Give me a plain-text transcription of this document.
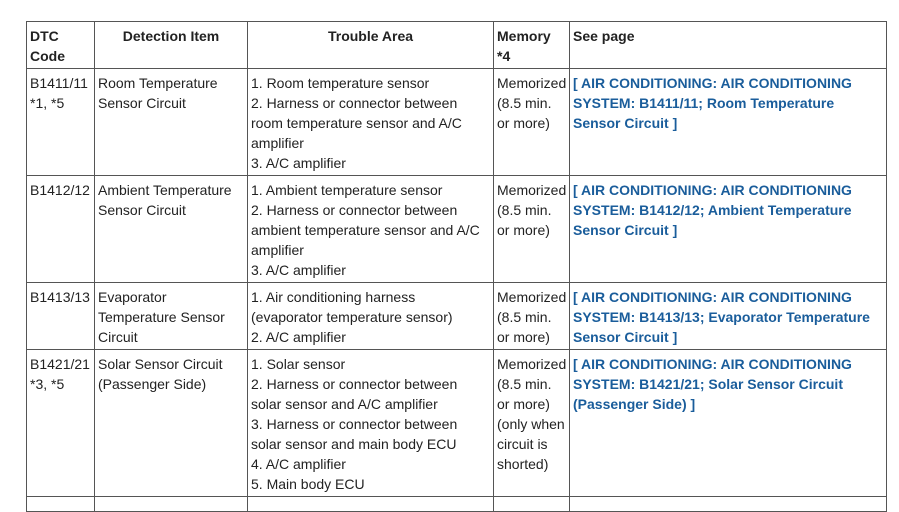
DTC Code	Detection Item	Trouble Area	Memory *4	See page
B1411/11 *1, *5	Room Temperature Sensor Circuit	1. Room temperature sensor
2. Harness or connector between room temperature sensor and A/C amplifier
3. A/C amplifier	Memorized (8.5 min. or more)	[ AIR CONDITIONING: AIR CONDITIONING SYSTEM: B1411/11; Room Temperature Sensor Circuit ]
B1412/12	Ambient Temperature Sensor Circuit	1. Ambient temperature sensor
2. Harness or connector between ambient temperature sensor and A/C amplifier
3. A/C amplifier	Memorized (8.5 min. or more)	[ AIR CONDITIONING: AIR CONDITIONING SYSTEM: B1412/12; Ambient Temperature Sensor Circuit ]
B1413/13	Evaporator Temperature Sensor Circuit	1. Air conditioning harness (evaporator temperature sensor)
2. A/C amplifier	Memorized (8.5 min. or more)	[ AIR CONDITIONING: AIR CONDITIONING SYSTEM: B1413/13; Evaporator Temperature Sensor Circuit ]
B1421/21 *3, *5	Solar Sensor Circuit (Passenger Side)	1. Solar sensor
2. Harness or connector between solar sensor and A/C amplifier
3. Harness or connector between solar sensor and main body ECU
4. A/C amplifier
5. Main body ECU	Memorized (8.5 min. or more) (only when circuit is shorted)	[ AIR CONDITIONING: AIR CONDITIONING SYSTEM: B1421/21; Solar Sensor Circuit (Passenger Side) ]
